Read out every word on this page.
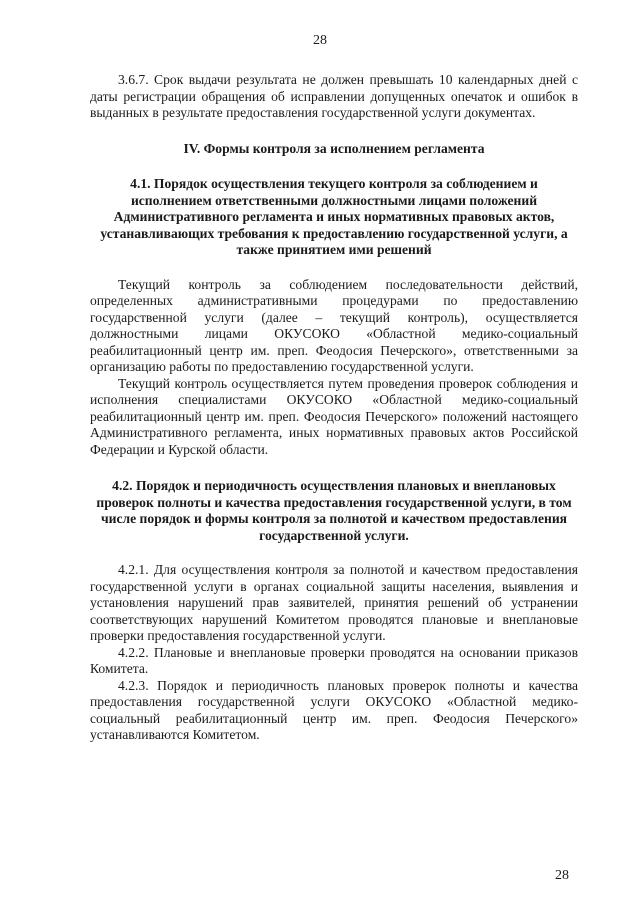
28

3.6.7. Срок выдачи результата не должен превышать 10 календарных дней с даты регистрации обращения об исправлении допущенных опечаток и ошибок в выданных в результате предоставления государственной услуги документах.

IV. Формы контроля за исполнением регламента

4.1. Порядок осуществления текущего контроля за соблюдением и исполнением ответственными должностными лицами положений Административного регламента и иных нормативных правовых актов, устанавливающих требования к предоставлению государственной услуги, а также принятием ими решений

Текущий контроль за соблюдением последовательности действий, определенных административными процедурами по предоставлению государственной услуги (далее – текущий контроль), осуществляется должностными лицами ОКУСОКО «Областной медико-социальный реабилитационный центр им. преп. Феодосия Печерского», ответственными за организацию работы по предоставлению государственной услуги.

Текущий контроль осуществляется путем проведения проверок соблюдения и исполнения специалистами ОКУСОКО «Областной медико-социальный реабилитационный центр им. преп. Феодосия Печерского» положений настоящего Административного регламента, иных нормативных правовых актов Российской Федерации и Курской области.

4.2. Порядок и периодичность осуществления плановых и внеплановых проверок полноты и качества предоставления государственной услуги, в том числе порядок и формы контроля за полнотой и качеством предоставления государственной услуги.

4.2.1. Для осуществления контроля за полнотой и качеством предоставления государственной услуги в органах социальной защиты населения, выявления и установления нарушений прав заявителей, принятия решений об устранении соответствующих нарушений Комитетом проводятся плановые и внеплановые проверки предоставления государственной услуги.

4.2.2. Плановые и внеплановые проверки проводятся на основании приказов Комитета.

4.2.3. Порядок и периодичность плановых проверок полноты и качества предоставления государственной услуги ОКУСОКО «Областной медико-социальный реабилитационный центр им. преп. Феодосия Печерского» устанавливаются Комитетом.

28
